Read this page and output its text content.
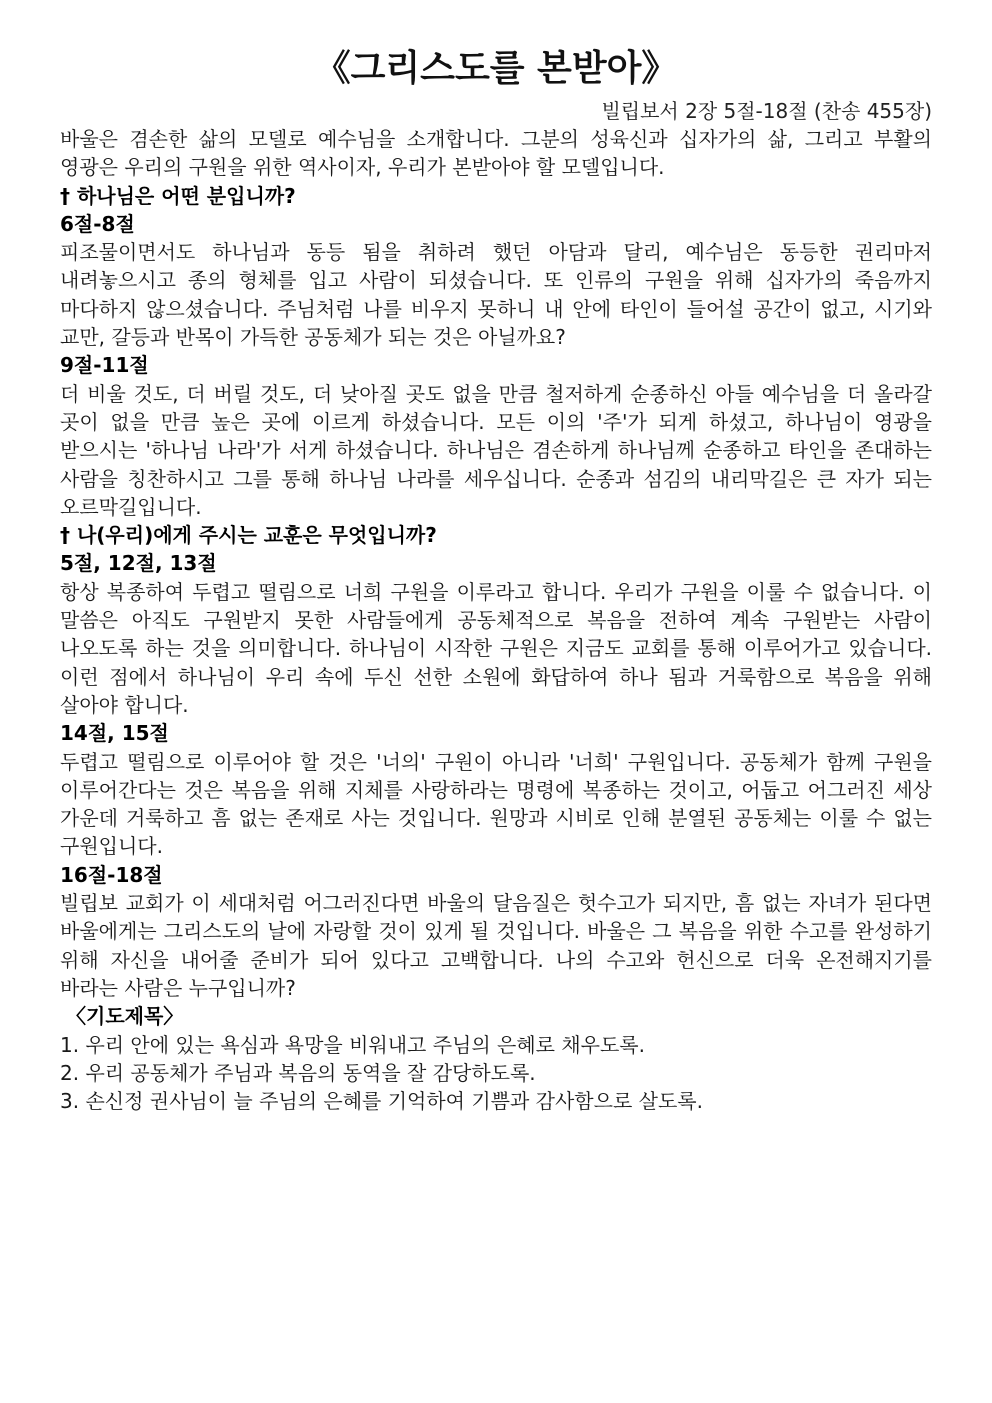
《그리스도를 본받아》

빌립보서 2장 5절-18절 (찬송 455장)

바울은 겸손한 삶의 모델로 예수님을 소개합니다. 그분의 성육신과 십자가의 삶, 그리고 부활의 영광은 우리의 구원을 위한 역사이자, 우리가 본받아야 할 모델입니다.

† 하나님은 어떤 분입니까?

6절-8절

피조물이면서도 하나님과 동등 됨을 취하려 했던 아담과 달리, 예수님은 동등한 권리마저 내려놓으시고 종의 형체를 입고 사람이 되셨습니다. 또 인류의 구원을 위해 십자가의 죽음까지 마다하지 않으셨습니다. 주님처럼 나를 비우지 못하니 내 안에 타인이 들어설 공간이 없고, 시기와 교만, 갈등과 반목이 가득한 공동체가 되는 것은 아닐까요?

9절-11절

더 비울 것도, 더 버릴 것도, 더 낮아질 곳도 없을 만큼 철저하게 순종하신 아들 예수님을 더 올라갈 곳이 없을 만큼 높은 곳에 이르게 하셨습니다. 모든 이의 '주'가 되게 하셨고, 하나님이 영광을 받으시는 '하나님 나라'가 서게 하셨습니다. 하나님은 겸손하게 하나님께 순종하고 타인을 존대하는 사람을 칭찬하시고 그를 통해 하나님 나라를 세우십니다. 순종과 섬김의 내리막길은 큰 자가 되는 오르막길입니다.

† 나(우리)에게 주시는 교훈은 무엇입니까?

5절, 12절, 13절

항상 복종하여 두렵고 떨림으로 너희 구원을 이루라고 합니다. 우리가 구원을 이룰 수 없습니다. 이 말씀은 아직도 구원받지 못한 사람들에게 공동체적으로 복음을 전하여 계속 구원받는 사람이 나오도록 하는 것을 의미합니다. 하나님이 시작한 구원은 지금도 교회를 통해 이루어가고 있습니다. 이런 점에서 하나님이 우리 속에 두신 선한 소원에 화답하여 하나 됨과 거룩함으로 복음을 위해 살아야 합니다.

14절, 15절

두렵고 떨림으로 이루어야 할 것은 '너의' 구원이 아니라 '너희' 구원입니다. 공동체가 함께 구원을 이루어간다는 것은 복음을 위해 지체를 사랑하라는 명령에 복종하는 것이고, 어둡고 어그러진 세상 가운데 거룩하고 흠 없는 존재로 사는 것입니다. 원망과 시비로 인해 분열된 공동체는 이룰 수 없는 구원입니다.

16절-18절

빌립보 교회가 이 세대처럼 어그러진다면 바울의 달음질은 헛수고가 되지만, 흠 없는 자녀가 된다면 바울에게는 그리스도의 날에 자랑할 것이 있게 될 것입니다. 바울은 그 복음을 위한 수고를 완성하기 위해 자신을 내어줄 준비가 되어 있다고 고백합니다. 나의 수고와 헌신으로 더욱 온전해지기를 바라는 사람은 누구입니까?

〈기도제목〉

1. 우리 안에 있는 욕심과 욕망을 비워내고 주님의 은혜로 채우도록.
2. 우리 공동체가 주님과 복음의 동역을 잘 감당하도록.
3. 손신정 권사님이 늘 주님의 은혜를 기억하여 기쁨과 감사함으로 살도록.
